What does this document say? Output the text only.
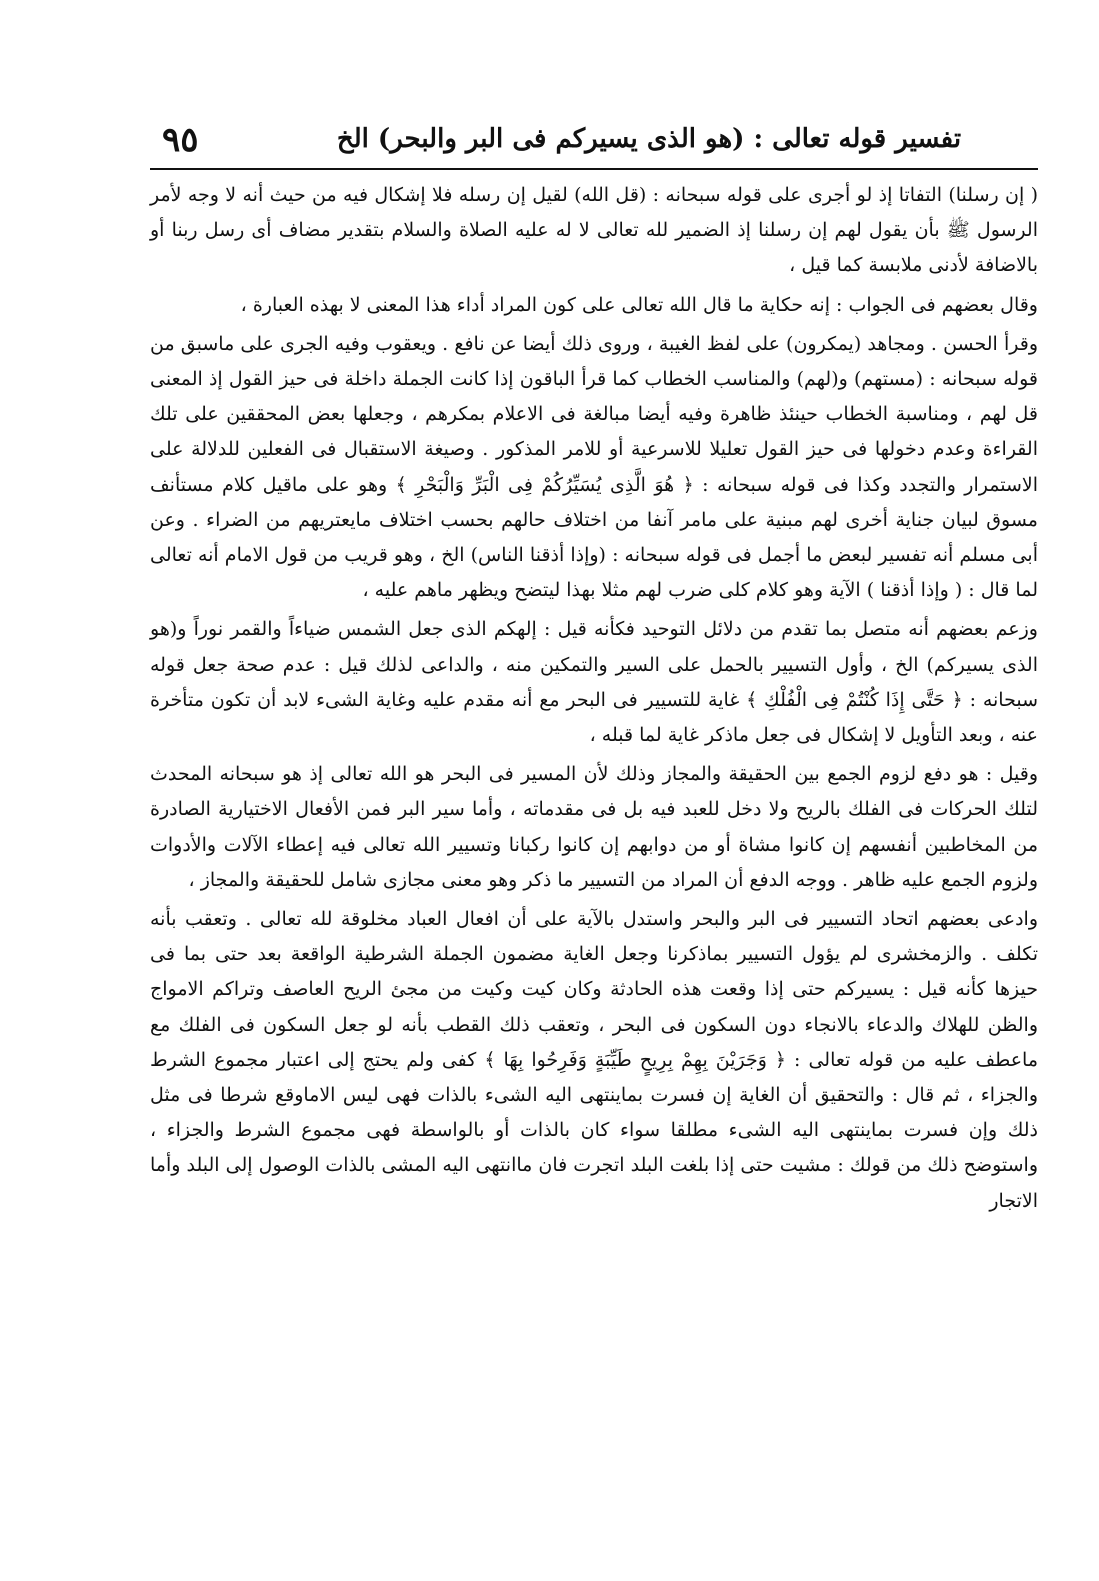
تفسير قوله تعالى : (هو الذى يسيركم فى البر والبحر) الخ
٩٥

( إن رسلنا) التفاتا إذ لو أجرى على قوله سبحانه : (قل الله) لقيل إن رسله فلا إشكال فيه من حيث أنه لا وجه لأمر الرسول ﷺ بأن يقول لهم إن رسلنا إذ الضمير لله تعالى لا له عليه الصلاة والسلام بتقدير مضاف أى رسل ربنا أو بالاضافة لأدنى ملابسة كما قيل ،

وقال بعضهم فى الجواب : إنه حكاية ما قال الله تعالى على كون المراد أداء هذا المعنى لا بهذه العبارة ،

وقرأ الحسن . ومجاهد (يمكرون) على لفظ الغيبة ، وروى ذلك أيضا عن نافع . ويعقوب وفيه الجرى على ماسبق من قوله سبحانه : (مستهم) و(لهم) والمناسب الخطاب كما قرأ الباقون إذا كانت الجملة داخلة فى حيز القول إذ المعنى قل لهم ، ومناسبة الخطاب حينئذ ظاهرة وفيه أيضا مبالغة فى الاعلام بمكرهم ، وجعلها بعض المحققين على تلك القراءة وعدم دخولها فى حيز القول تعليلا للاسرعية أو للامر المذكور . وصيغة الاستقبال فى الفعلين للدلالة على الاستمرار والتجدد وكذا فى قوله سبحانه : ﴿ هُوَ الَّذِى يُسَيِّرُكُمْ فِى الْبَرِّ وَالْبَحْرِ ﴾ وهو على ماقيل كلام مستأنف مسوق لبيان جناية أخرى لهم مبنية على مامر آنفا من اختلاف حالهم بحسب اختلاف مايعتريهم من الضراء . وعن أبى مسلم أنه تفسير لبعض ما أجمل فى قوله سبحانه : (وإذا أذقنا الناس) الخ ، وهو قريب من قول الامام أنه تعالى لما قال : ( وإذا أذقنا ) الآية وهو كلام كلى ضرب لهم مثلا بهذا ليتضح ويظهر ماهم عليه ،

وزعم بعضهم أنه متصل بما تقدم من دلائل التوحيد فكأنه قيل : إلهكم الذى جعل الشمس ضياءاً والقمر نوراً و(هو الذى يسيركم) الخ ، وأول التسيير بالحمل على السير والتمكين منه ، والداعى لذلك قيل : عدم صحة جعل قوله سبحانه : ﴿ حَتَّى إِذَا كُنْتُمْ فِى الْفُلْكِ ﴾ غاية للتسيير فى البحر مع أنه مقدم عليه وغاية الشىء لابد أن تكون متأخرة عنه ، وبعد التأويل لا إشكال فى جعل ماذكر غاية لما قبله ،

وقيل : هو دفع لزوم الجمع بين الحقيقة والمجاز وذلك لأن المسير فى البحر هو الله تعالى إذ هو سبحانه المحدث لتلك الحركات فى الفلك بالريح ولا دخل للعبد فيه بل فى مقدماته ، وأما سير البر فمن الأفعال الاختيارية الصادرة من المخاطبين أنفسهم إن كانوا مشاة أو من دوابهم إن كانوا ركبانا وتسيير الله تعالى فيه إعطاء الآلات والأدوات ولزوم الجمع عليه ظاهر . ووجه الدفع أن المراد من التسيير ما ذكر وهو معنى مجازى شامل للحقيقة والمجاز ،

وادعى بعضهم اتحاد التسيير فى البر والبحر واستدل بالآية على أن افعال العباد مخلوقة لله تعالى . وتعقب بأنه تكلف . والزمخشرى لم يؤول التسيير بماذكرنا وجعل الغاية مضمون الجملة الشرطية الواقعة بعد حتى بما فى حيزها كأنه قيل : يسيركم حتى إذا وقعت هذه الحادثة وكان كيت وكيت من مجئ الريح العاصف وتراكم الامواج والظن للهلاك والدعاء بالانجاء دون السكون فى البحر ، وتعقب ذلك القطب بأنه لو جعل السكون فى الفلك مع ماعطف عليه من قوله تعالى : ﴿ وَجَرَيْنَ بِهِمْ بِرِيحٍ طَيِّبَةٍ وَفَرِحُوا بِهَا ﴾ كفى ولم يحتج إلى اعتبار مجموع الشرط والجزاء ، ثم قال : والتحقيق أن الغاية إن فسرت بماينتهى اليه الشىء بالذات فهى ليس الاماوقع شرطا فى مثل ذلك وإن فسرت بماينتهى اليه الشىء مطلقا سواء كان بالذات أو بالواسطة فهى مجموع الشرط والجزاء ، واستوضح ذلك من قولك : مشيت حتى إذا بلغت البلد اتجرت فان ماانتهى اليه المشى بالذات الوصول إلى البلد وأما الاتجار
